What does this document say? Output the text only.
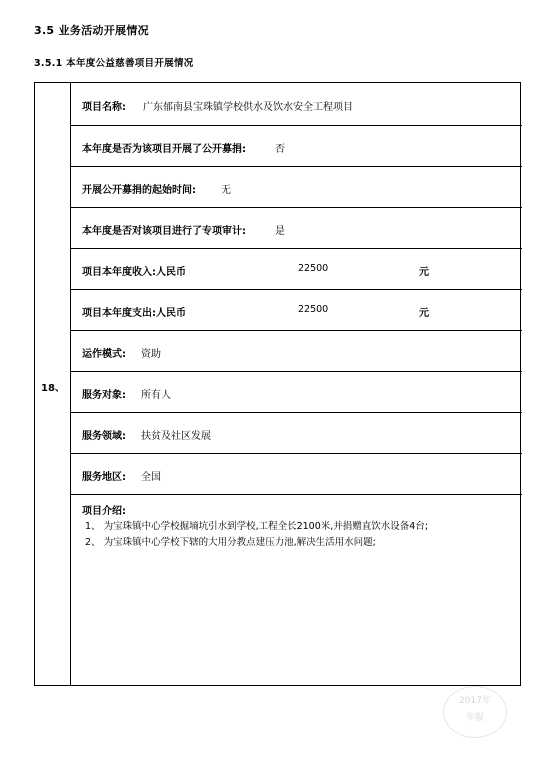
3.5 业务活动开展情况
3.5.1 本年度公益慈善项目开展情况
18、
项目名称: 广东郁南县宝珠镇学校供水及饮水安全工程项目
本年度是否为该项目开展了公开募捐:	否
开展公开募捐的起始时间:	无
本年度是否对该项目进行了专项审计:	是
项目本年度收入:人民币	22500	元
项目本年度支出:人民币	22500	元
运作模式: 资助
服务对象: 所有人
服务领域: 扶贫及社区发展
服务地区: 全国
项目介绍:
1、 为宝珠镇中心学校掘墒坑引水到学校,工程全长2100米,并捐赠直饮水设备4台;
2、 为宝珠镇中心学校下辖的大用分教点建压力池,解决生活用水问题;
2017年
年报
